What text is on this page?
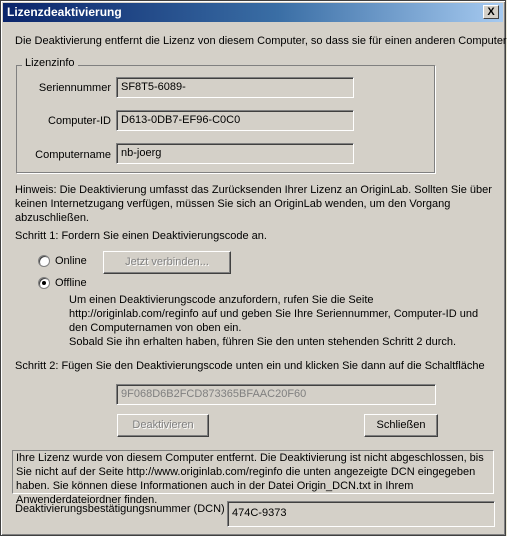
Lizenzdeaktivierung	X
Die Deaktivierung entfernt die Lizenz von diesem Computer, so dass sie für einen anderen Computer
Lizenzinfo
Seriennummer SF8T5-6089-
Computer-ID D613-0DB7-EF96-C0C0
Computername nb-joerg
Hinweis: Die Deaktivierung umfasst das Zurücksenden Ihrer Lizenz an OriginLab. Sollten Sie über keinen Internetzugang verfügen, müssen Sie sich an OriginLab wenden, um den Vorgang abzuschließen.
Schritt 1: Fordern Sie einen Deaktivierungscode an.
Online	Jetzt verbinden...
Offline
Um einen Deaktivierungscode anzufordern, rufen Sie die Seite http://originlab.com/reginfo auf und geben Sie Ihre Seriennummer, Computer-ID und den Computernamen von oben ein.
Sobald Sie ihn erhalten haben, führen Sie den unten stehenden Schritt 2 durch.
Schritt 2: Fügen Sie den Deaktivierungscode unten ein und klicken Sie dann auf die Schaltfläche
9F068D6B2FCD873365BFAAC20F60
Deaktivieren	Schließen
Ihre Lizenz wurde von diesem Computer entfernt. Die Deaktivierung ist nicht abgeschlossen, bis Sie nicht auf der Seite http://www.originlab.com/reginfo die unten angezeigte DCN eingegeben haben. Sie können diese Informationen auch in der Datei Origin_DCN.txt in Ihrem Anwenderdateiordner finden.
Deaktivierungsbestätigungsnummer (DCN) 474C-9373
